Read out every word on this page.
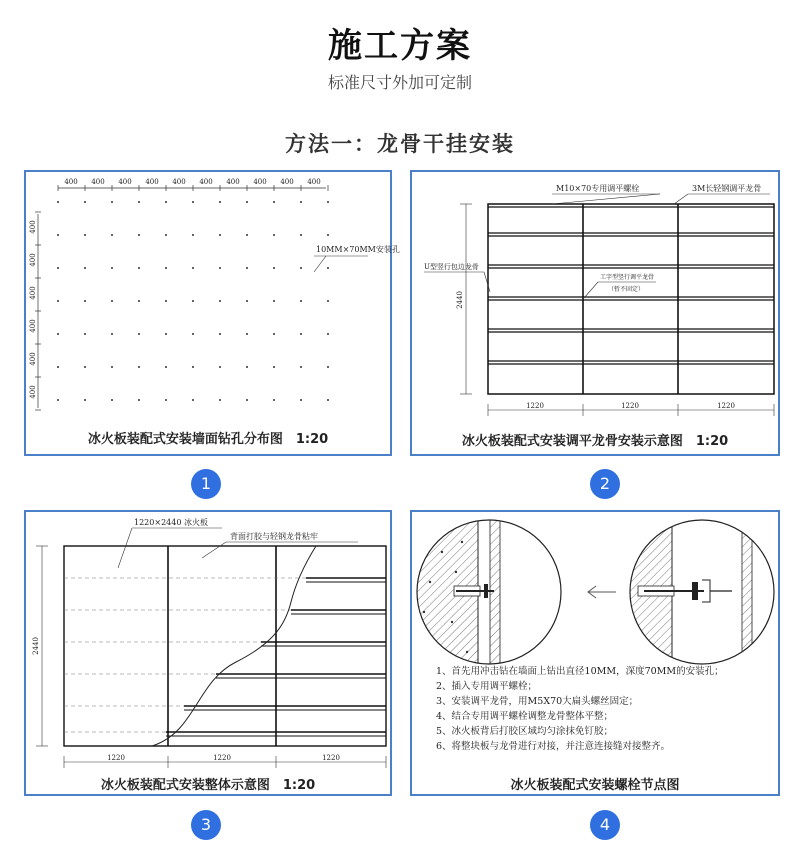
施工方案
标准尺寸外加可定制
方法一：龙骨干挂安装
400 400 400 400 400 400 400 400 400 400
400
400
400
400
400
400
10MM×70MM安装孔
冰火板装配式安装墙面钻孔分布图　1:20
M10×70专用调平螺栓	3M长轻钢调平龙骨
U型竖行包边龙骨
工字型竖行调平龙骨
（暂不固定）
2440
1220	1220	1220
冰火板装配式安装调平龙骨安装示意图　1:20
1220×2440 冰火板
背面打胶与轻钢龙骨粘牢
2440
1220	1220	1220
冰火板装配式安装整体示意图　1:20
1、首先用冲击钻在墙面上钻出直径10MM，深度70MM的安装孔；
2、插入专用调平螺栓；
3、安装调平龙骨，用M5X70大扁头螺丝固定；
4、结合专用调平螺栓调整龙骨整体平整；
5、冰火板背后打胶区域均匀涂抹免钉胶；
6、将整块板与龙骨进行对接，并注意连接缝对接整齐。
冰火板装配式安装螺栓节点图
1	2
3	4
